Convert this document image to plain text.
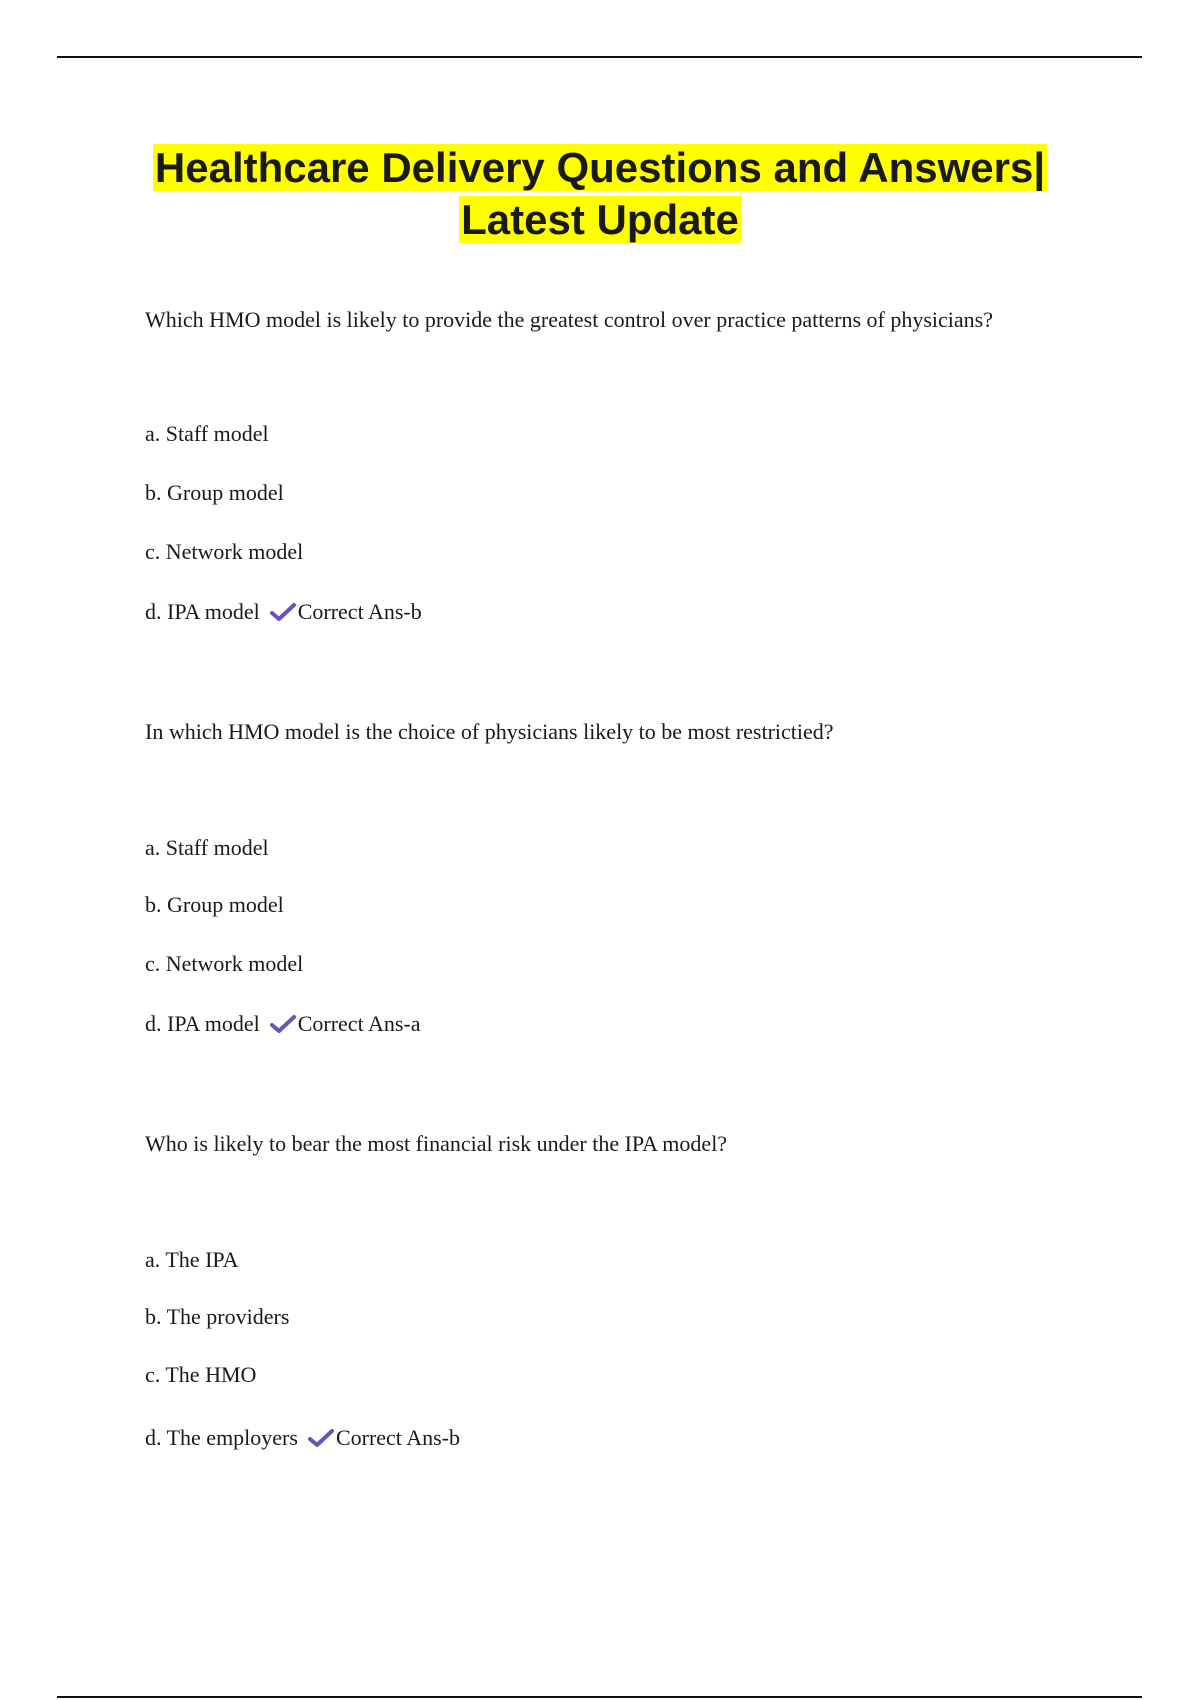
Healthcare Delivery Questions and Answers|
Latest Update

Which HMO model is likely to provide the greatest control over practice patterns of physicians?

a. Staff model

b. Group model

c. Network model

d. IPA model Correct Ans-b

In which HMO model is the choice of physicians likely to be most restrictied?

a. Staff model

b. Group model

c. Network model

d. IPA model Correct Ans-a

Who is likely to bear the most financial risk under the IPA model?

a. The IPA

b. The providers

c. The HMO

d. The employers Correct Ans-b
